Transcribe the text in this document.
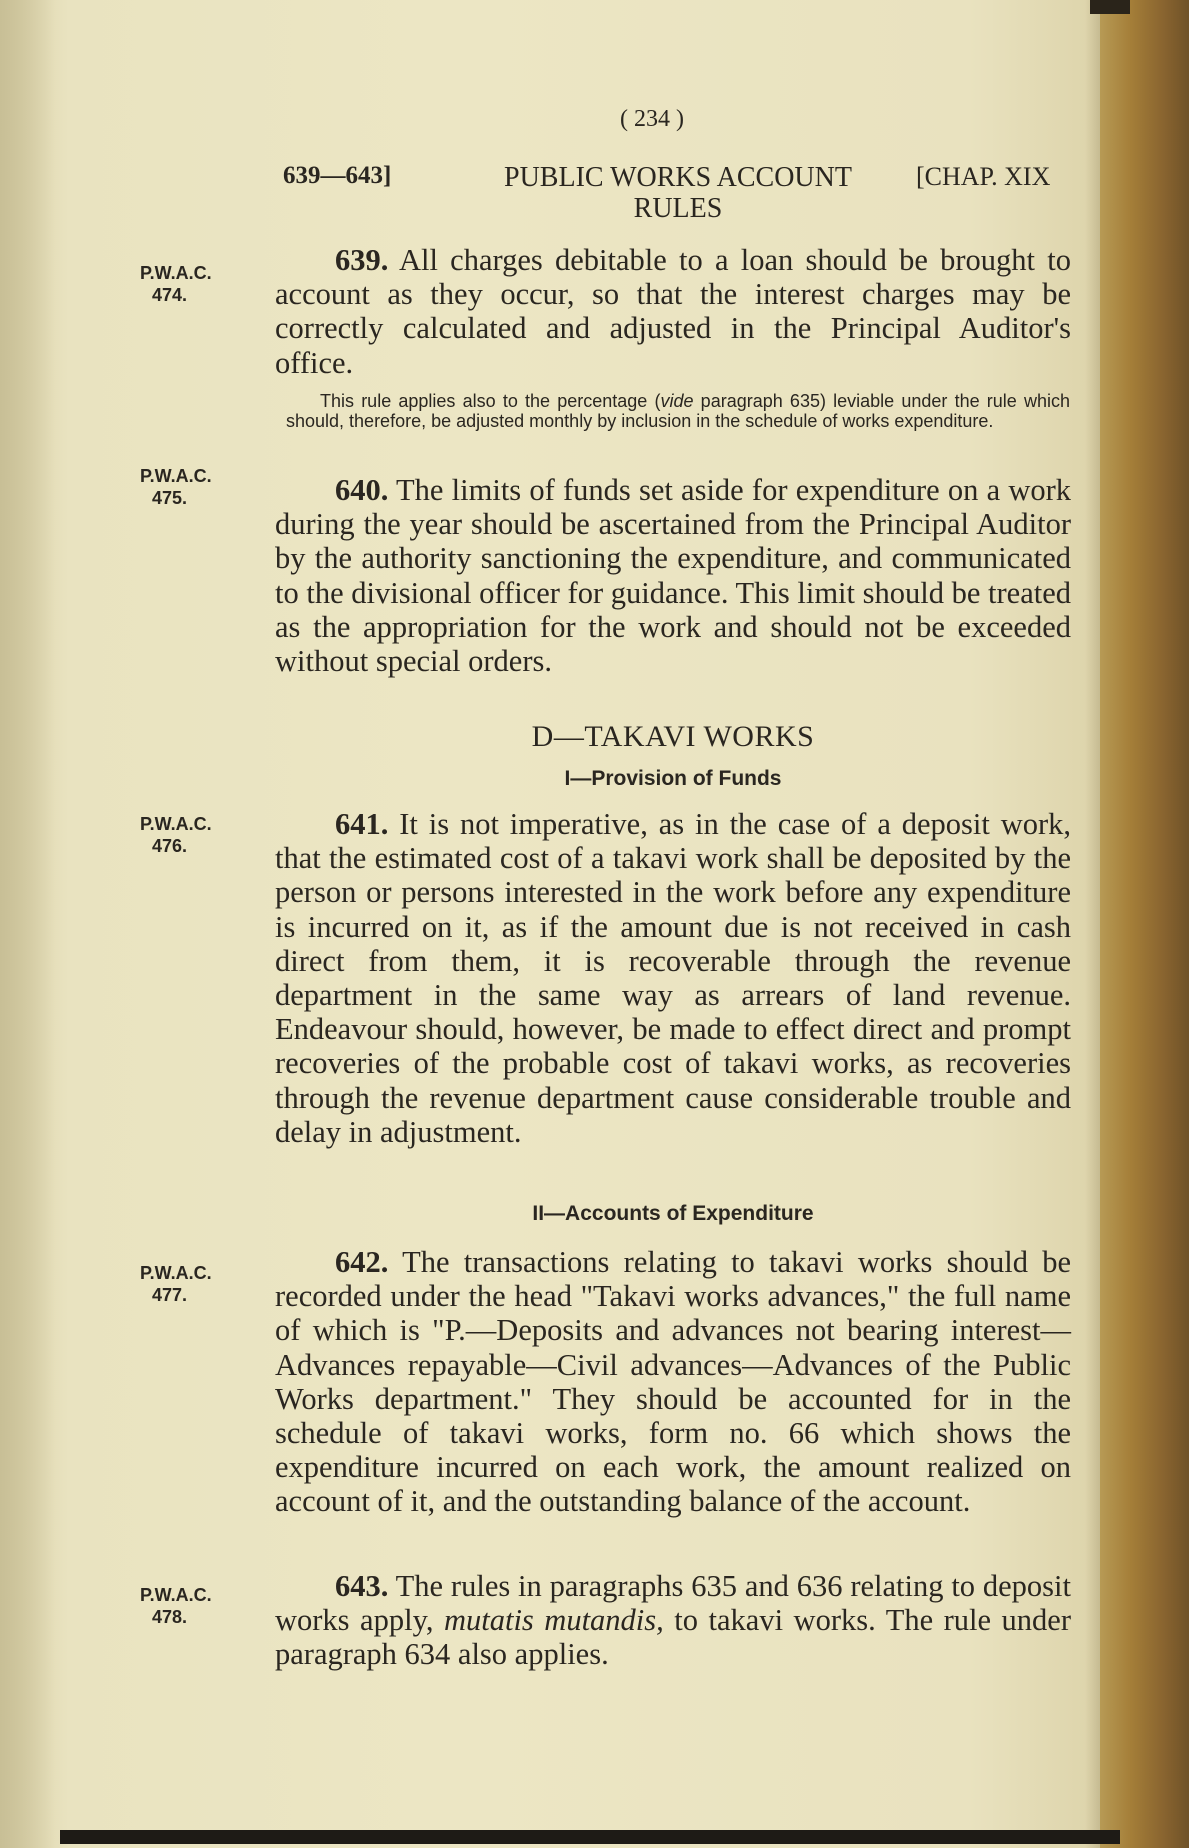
( 234 )
639—643]	PUBLIC WORKS ACCOUNT RULES
[CHAP. XIX
P.W.A.C.
474.
P.W.A.C.
475.
P.W.A.C.
476.
P.W.A.C.
477.
P.W.A.C.
478.

639. All charges debitable to a loan should be brought to account as they occur, so that the interest charges may be correctly calculated and adjusted in the Principal Auditor's office.

This rule applies also to the percentage (vide paragraph 635) leviable under the rule which should, therefore, be adjusted monthly by inclusion in the schedule of works expenditure.

640. The limits of funds set aside for expenditure on a work during the year should be ascertained from the Principal Auditor by the authority sanctioning the expenditure, and communicated to the divisional officer for guidance. This limit should be treated as the appropriation for the work and should not be exceeded without special orders.

D—TAKAVI WORKS
I—Provision of Funds

641. It is not imperative, as in the case of a deposit work, that the estimated cost of a takavi work shall be deposited by the person or persons interested in the work before any expenditure is incurred on it, as if the amount due is not received in cash direct from them, it is recoverable through the revenue department in the same way as arrears of land revenue. Endeavour should, however, be made to effect direct and prompt recoveries of the probable cost of takavi works, as recoveries through the revenue department cause considerable trouble and delay in adjustment.

II—Accounts of Expenditure

642. The transactions relating to takavi works should be recorded under the head "Takavi works advances," the full name of which is "P.—Deposits and advances not bearing interest—Advances repayable—Civil advances—Advances of the Public Works department." They should be accounted for in the schedule of takavi works, form no. 66 which shows the expenditure incurred on each work, the amount realized on account of it, and the outstanding balance of the account.

643. The rules in paragraphs 635 and 636 relating to deposit works apply, mutatis mutandis, to takavi works. The rule under paragraph 634 also applies.
